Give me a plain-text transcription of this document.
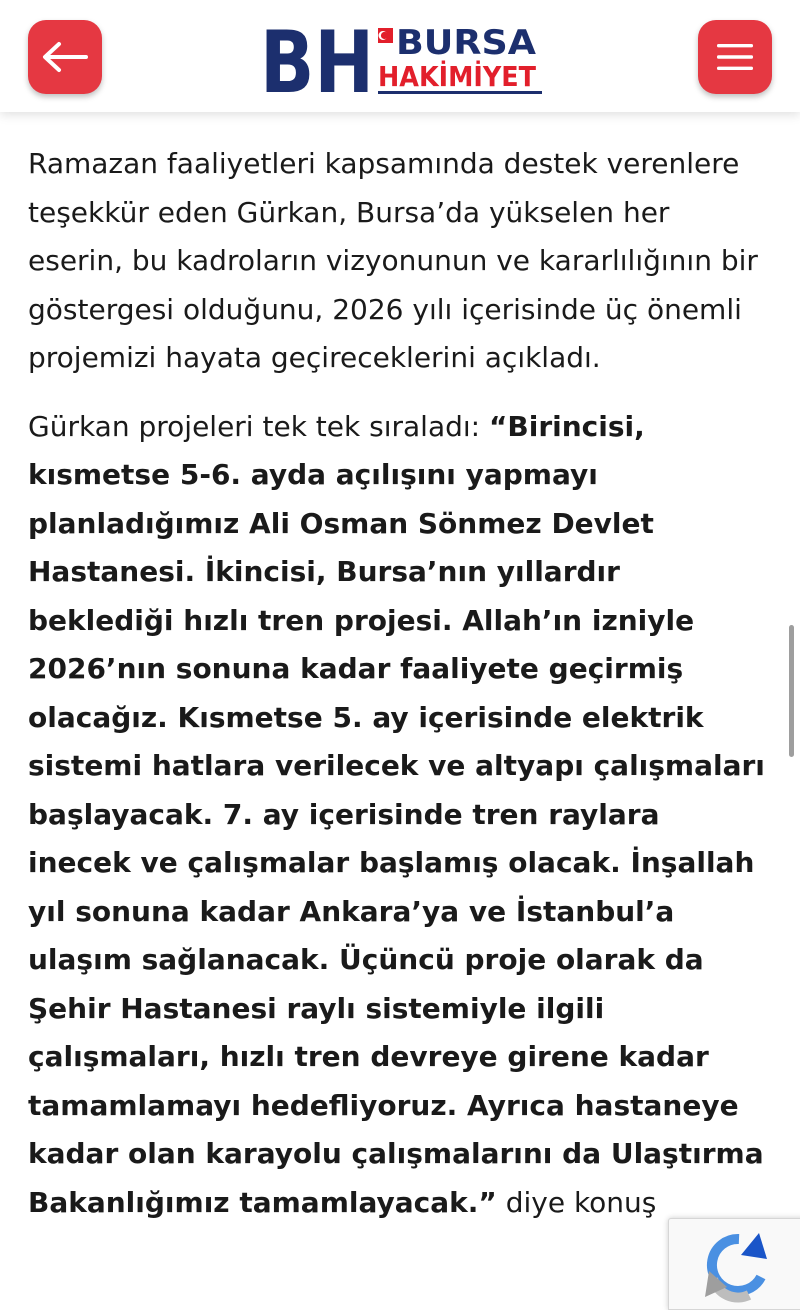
BH BURSA
HAKİMİYET

Ramazan faaliyetleri kapsamında destek verenlere teşekkür eden Gürkan, Bursa’da yükselen her eserin, bu kadroların vizyonunun ve kararlılığının bir göstergesi olduğunu, 2026 yılı içerisinde üç önemli projemizi hayata geçireceklerini açıkladı.

Gürkan projeleri tek tek sıraladı: “Birincisi, kısmetse 5-6. ayda açılışını yapmayı planladığımız Ali Osman Sönmez Devlet Hastanesi. İkincisi, Bursa’nın yıllardır beklediği hızlı tren projesi. Allah’ın izniyle 2026’nın sonuna kadar faaliyete geçirmiş olacağız. Kısmetse 5. ay içerisinde elektrik sistemi hatlara verilecek ve altyapı çalışmaları başlayacak. 7. ay içerisinde tren raylara inecek ve çalışmalar başlamış olacak. İnşallah yıl sonuna kadar Ankara’ya ve İstanbul’a ulaşım sağlanacak. Üçüncü proje olarak da Şehir Hastanesi raylı sistemiyle ilgili çalışmaları, hızlı tren devreye girene kadar tamamlamayı hedefliyoruz. Ayrıca hastaneye kadar olan karayolu çalışmalarını da Ulaştırma Bakanlığımız tamamlayacak.” diye konuş
